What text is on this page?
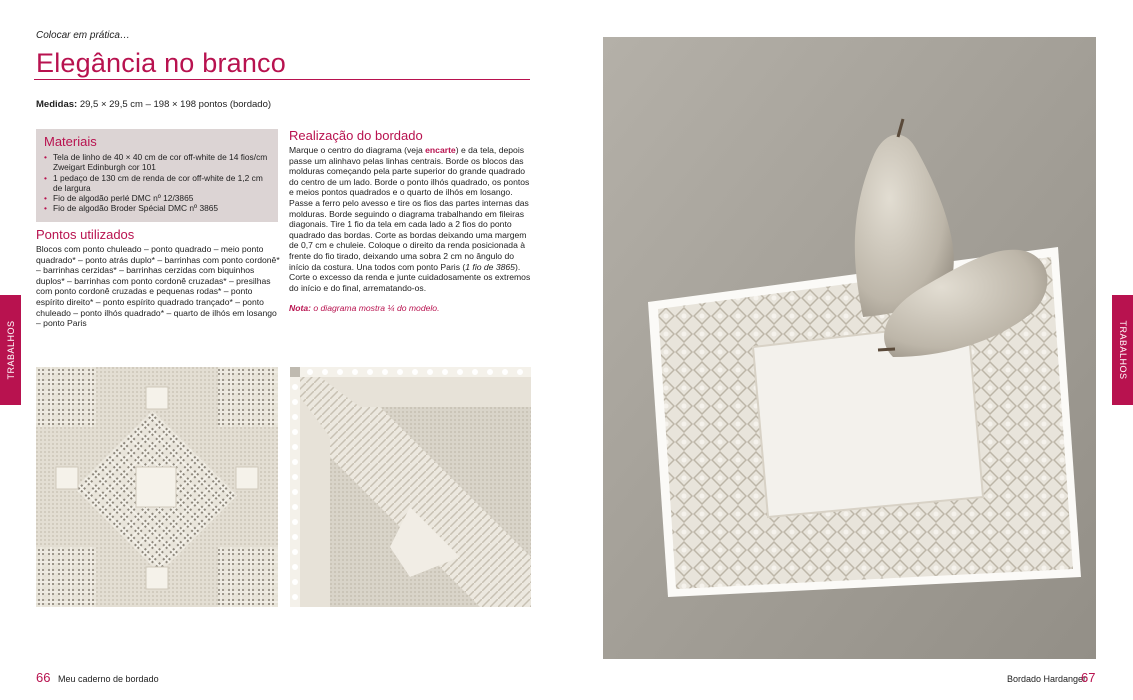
Colocar em prática…
Elegância no branco
Medidas: 29,5 × 29,5 cm – 198 × 198 pontos (bordado)
Materiais
• Tela de linho de 40 × 40 cm de cor off-white de 14 fios/cm Zweigart Edinburgh cor 101
• 1 pedaço de 130 cm de renda de cor off-white de 1,2 cm de largura
• Fio de algodão perlé DMC nº 12/3865
• Fio de algodão Broder Spécial DMC nº 3865
Pontos utilizados

Blocos com ponto chuleado – ponto quadrado – meio ponto quadrado* – ponto atrás duplo* – barrinhas com ponto cordonê* – barrinhas cerzidas* – barrinhas cerzidas com biquinhos duplos* – barrinhas com ponto cordonê cruzadas* – presilhas com ponto cordonê cruzadas e pequenas rodas* – ponto espírito direito* – ponto espírito quadrado trançado* – ponto chuleado – ponto ilhós quadrado* – quarto de ilhós em losango – ponto Paris

Realização do bordado

Marque o centro do diagrama (veja encarte) e da tela, depois passe um alinhavo pelas linhas centrais. Borde os blocos das molduras começando pela parte superior do grande quadrado do centro de um lado. Borde o ponto ilhós quadrado, os pontos e meios pontos quadrados e o quarto de ilhós em losango. Passe a ferro pelo avesso e tire os fios das partes internas das molduras. Borde seguindo o diagrama trabalhando em fileiras diagonais. Tire 1 fio da tela em cada lado a 2 fios do ponto quadrado das bordas. Corte as bordas deixando uma margem de 0,7 cm e chuleie. Coloque o direito da renda posicionada à frente do fio tirado, deixando uma sobra 2 cm no ângulo do início da costura. Una todos com ponto Paris (1 fio de 3865). Corte o excesso da renda e junte cuidadosamente os extremos do início e do final, arrematando-os.

Nota: o diagrama mostra ¼ do modelo.

TRABALHOS	TRABALHOS
66 Meu caderno de bordado	Bordado Hardanger
67
